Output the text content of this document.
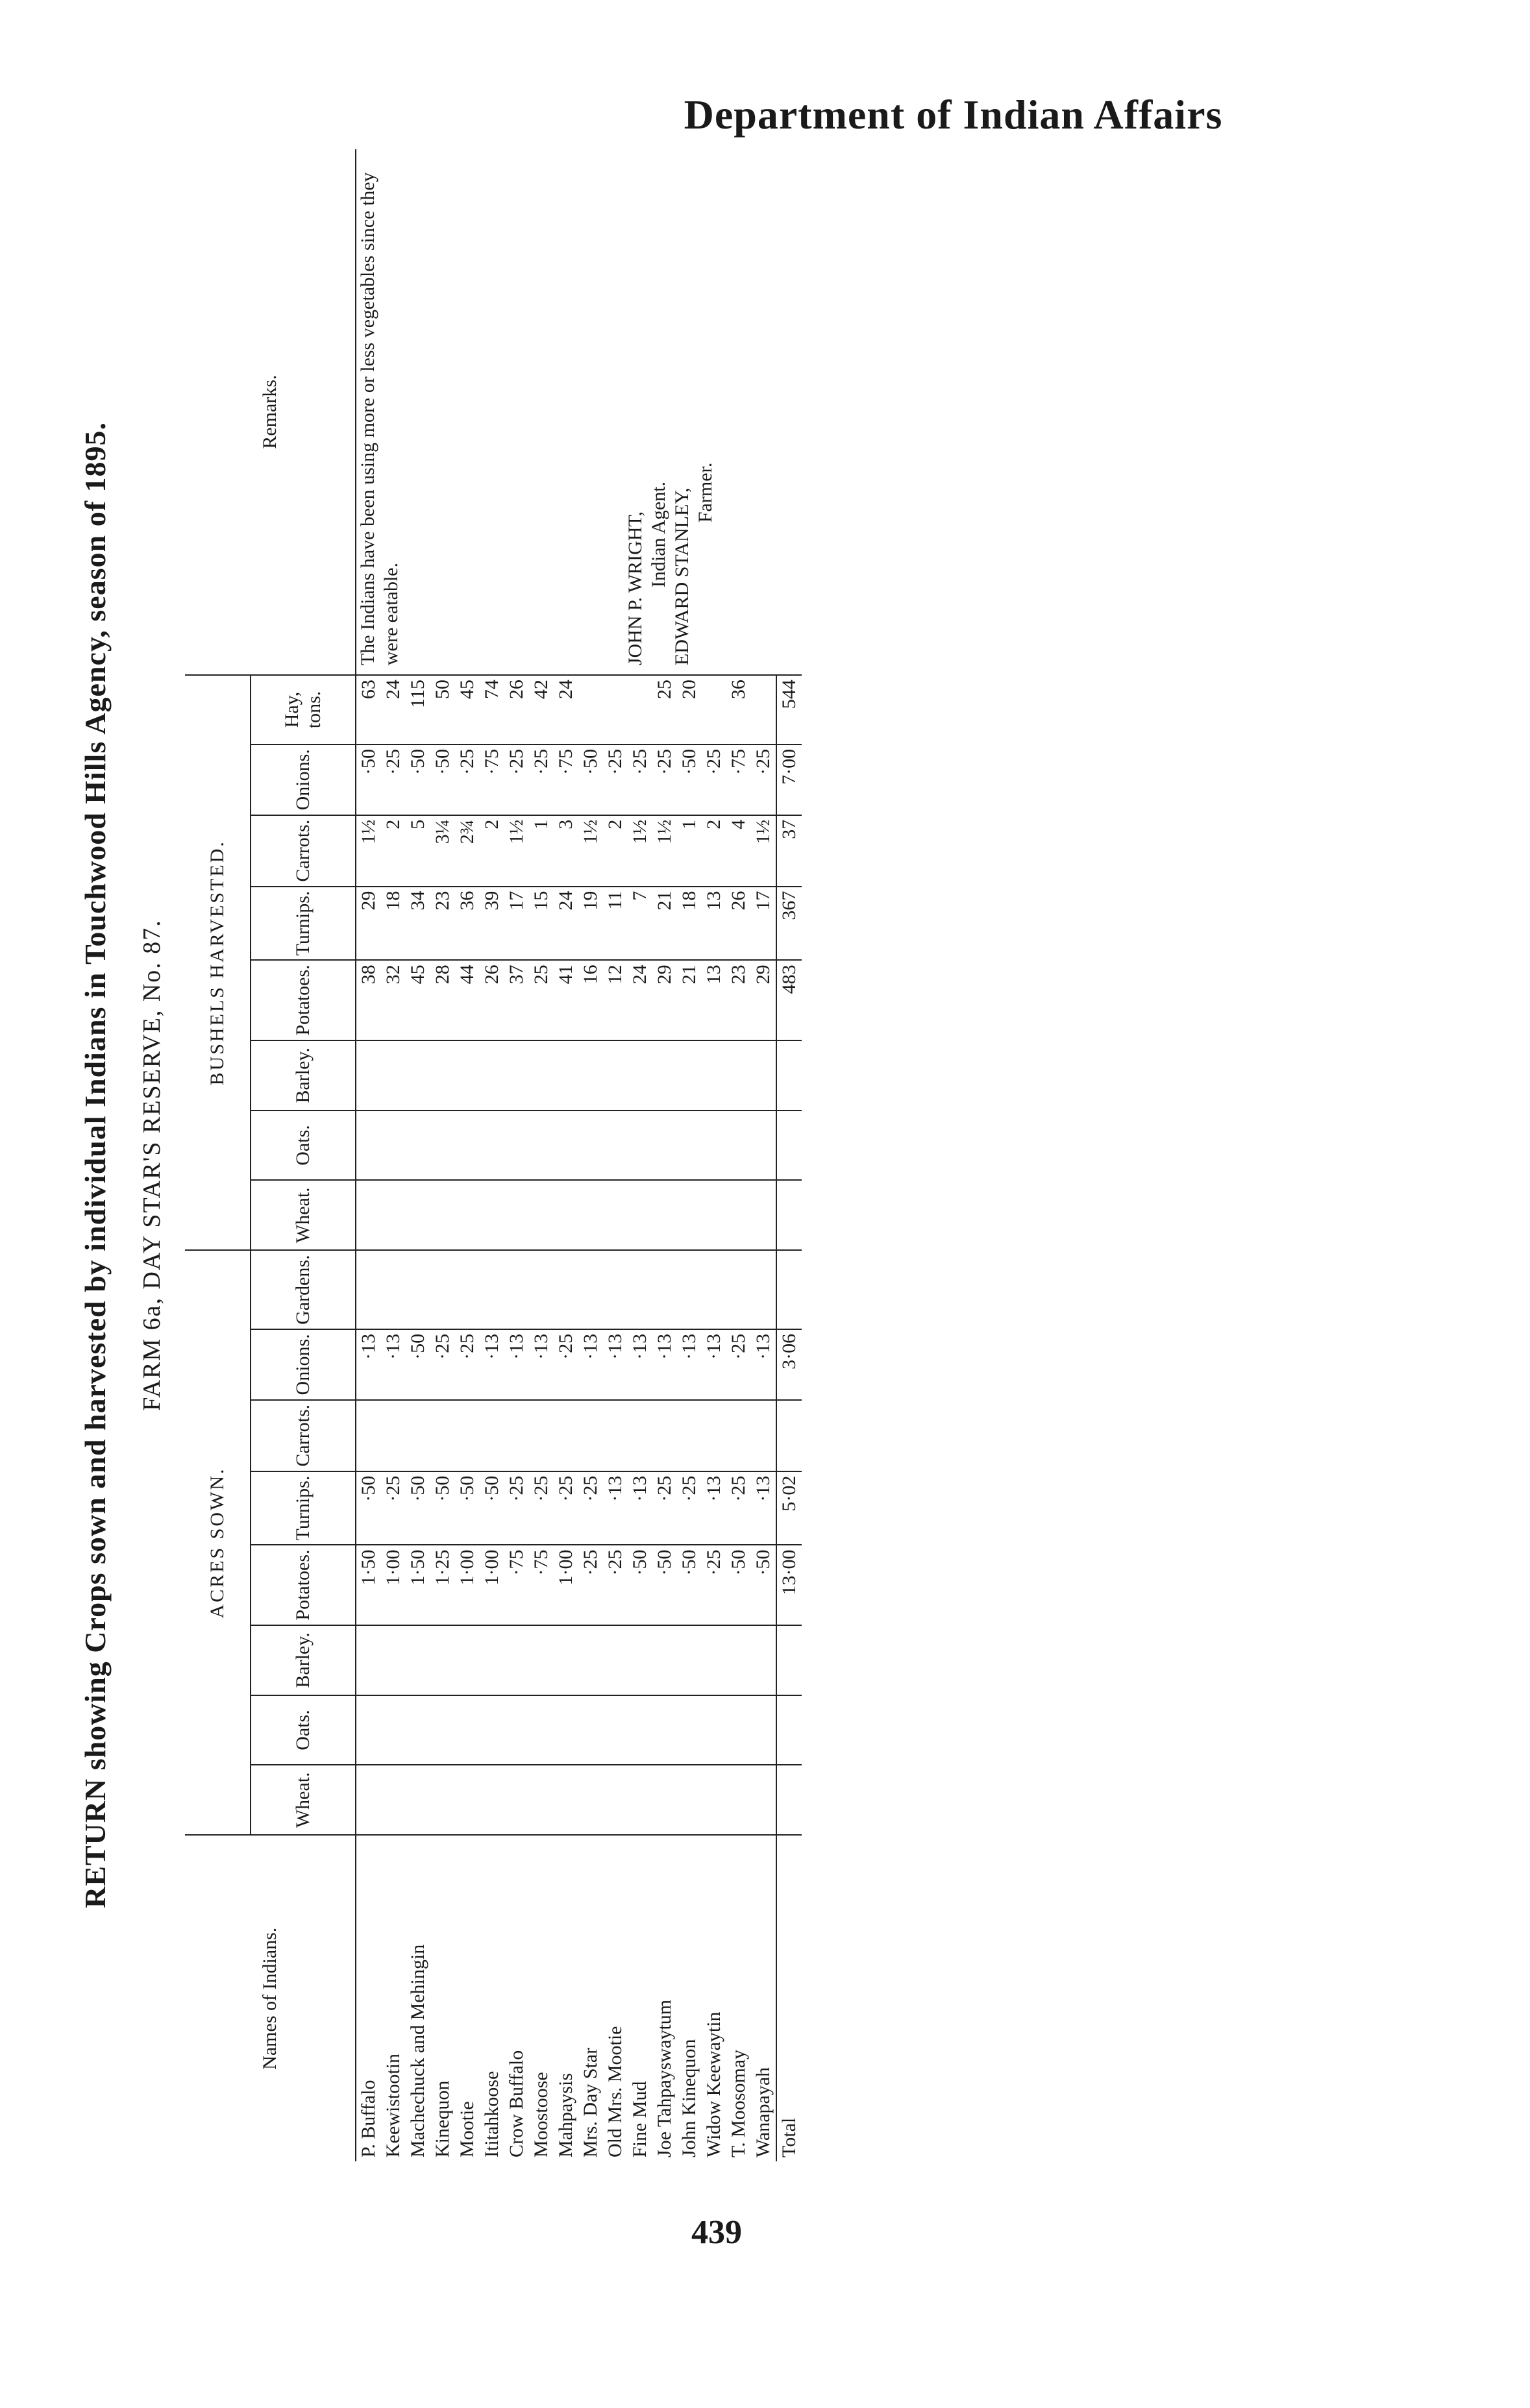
Department of Indian Affairs
RETURN showing Crops sown and harvested by individual Indians in Touchwood Hills Agency, season of 1895. FARM 6a, DAY STAR'S RESERVE, No. 87.
Names of Indians.	ACRES SOWN.								BUSHELS HARVESTED.								Remarks.
	Wheat.	Oats.	Barley.	Potatoes.	Turnips.	Carrots.	Onions.	Gardens.	Wheat.	Oats.	Barley.	Potatoes.	Turnips.	Carrots.	Onions.	Hay, tons.	
P. Buffalo				1·50	·50		·13					38	29	1½	·50	63	The Indians have been using more or less vegetables since they were eatable. JOHN P. WRIGHT, Indian Agent. EDWARD STANLEY, Farmer.

Keewistootin				1·00	·25		·13					32	18	2	·25	24	
Machechuck and Mehingin				1·50	·50		·50					45	34	5	·50	115	
Kinequon				1·25	·50		·25					28	23	3¼	·50	50	
Mootie				1·00	·50		·25					44	36	2¾	·25	45	
Ititahkoose				1·00	·50		·13					26	39	2	·75	74	
Crow Buffalo				·75	·25		·13					37	17	1½	·25	26	
Moostoose				·75	·25		·13					25	15	1	·25	42	
Mahpaysis				1·00	·25		·25					41	24	3	·75	24	
Mrs. Day Star				·25	·25		·13					16	19	1½	·50		
Old Mrs. Mootie				·25	·13		·13					12	11	2	·25		
Fine Mud				·50	·13		·13					24	7	1½	·25		
Joe Tahpayswaytum				·50	·25		·13					29	21	1½	·25	25	
John Kinequon				·50	·25		·13					21	18	1	·50	20	
Widow Keewaytin				·25	·13		·13					13	13	2	·25		
T. Moosomay				·50	·25		·25					23	26	4	·75	36	
Wanapayah				·50	·13		·13					29	17	1½	·25		
Total				13·00	5·02		3·06					483	367	37	7·00	544	
439
